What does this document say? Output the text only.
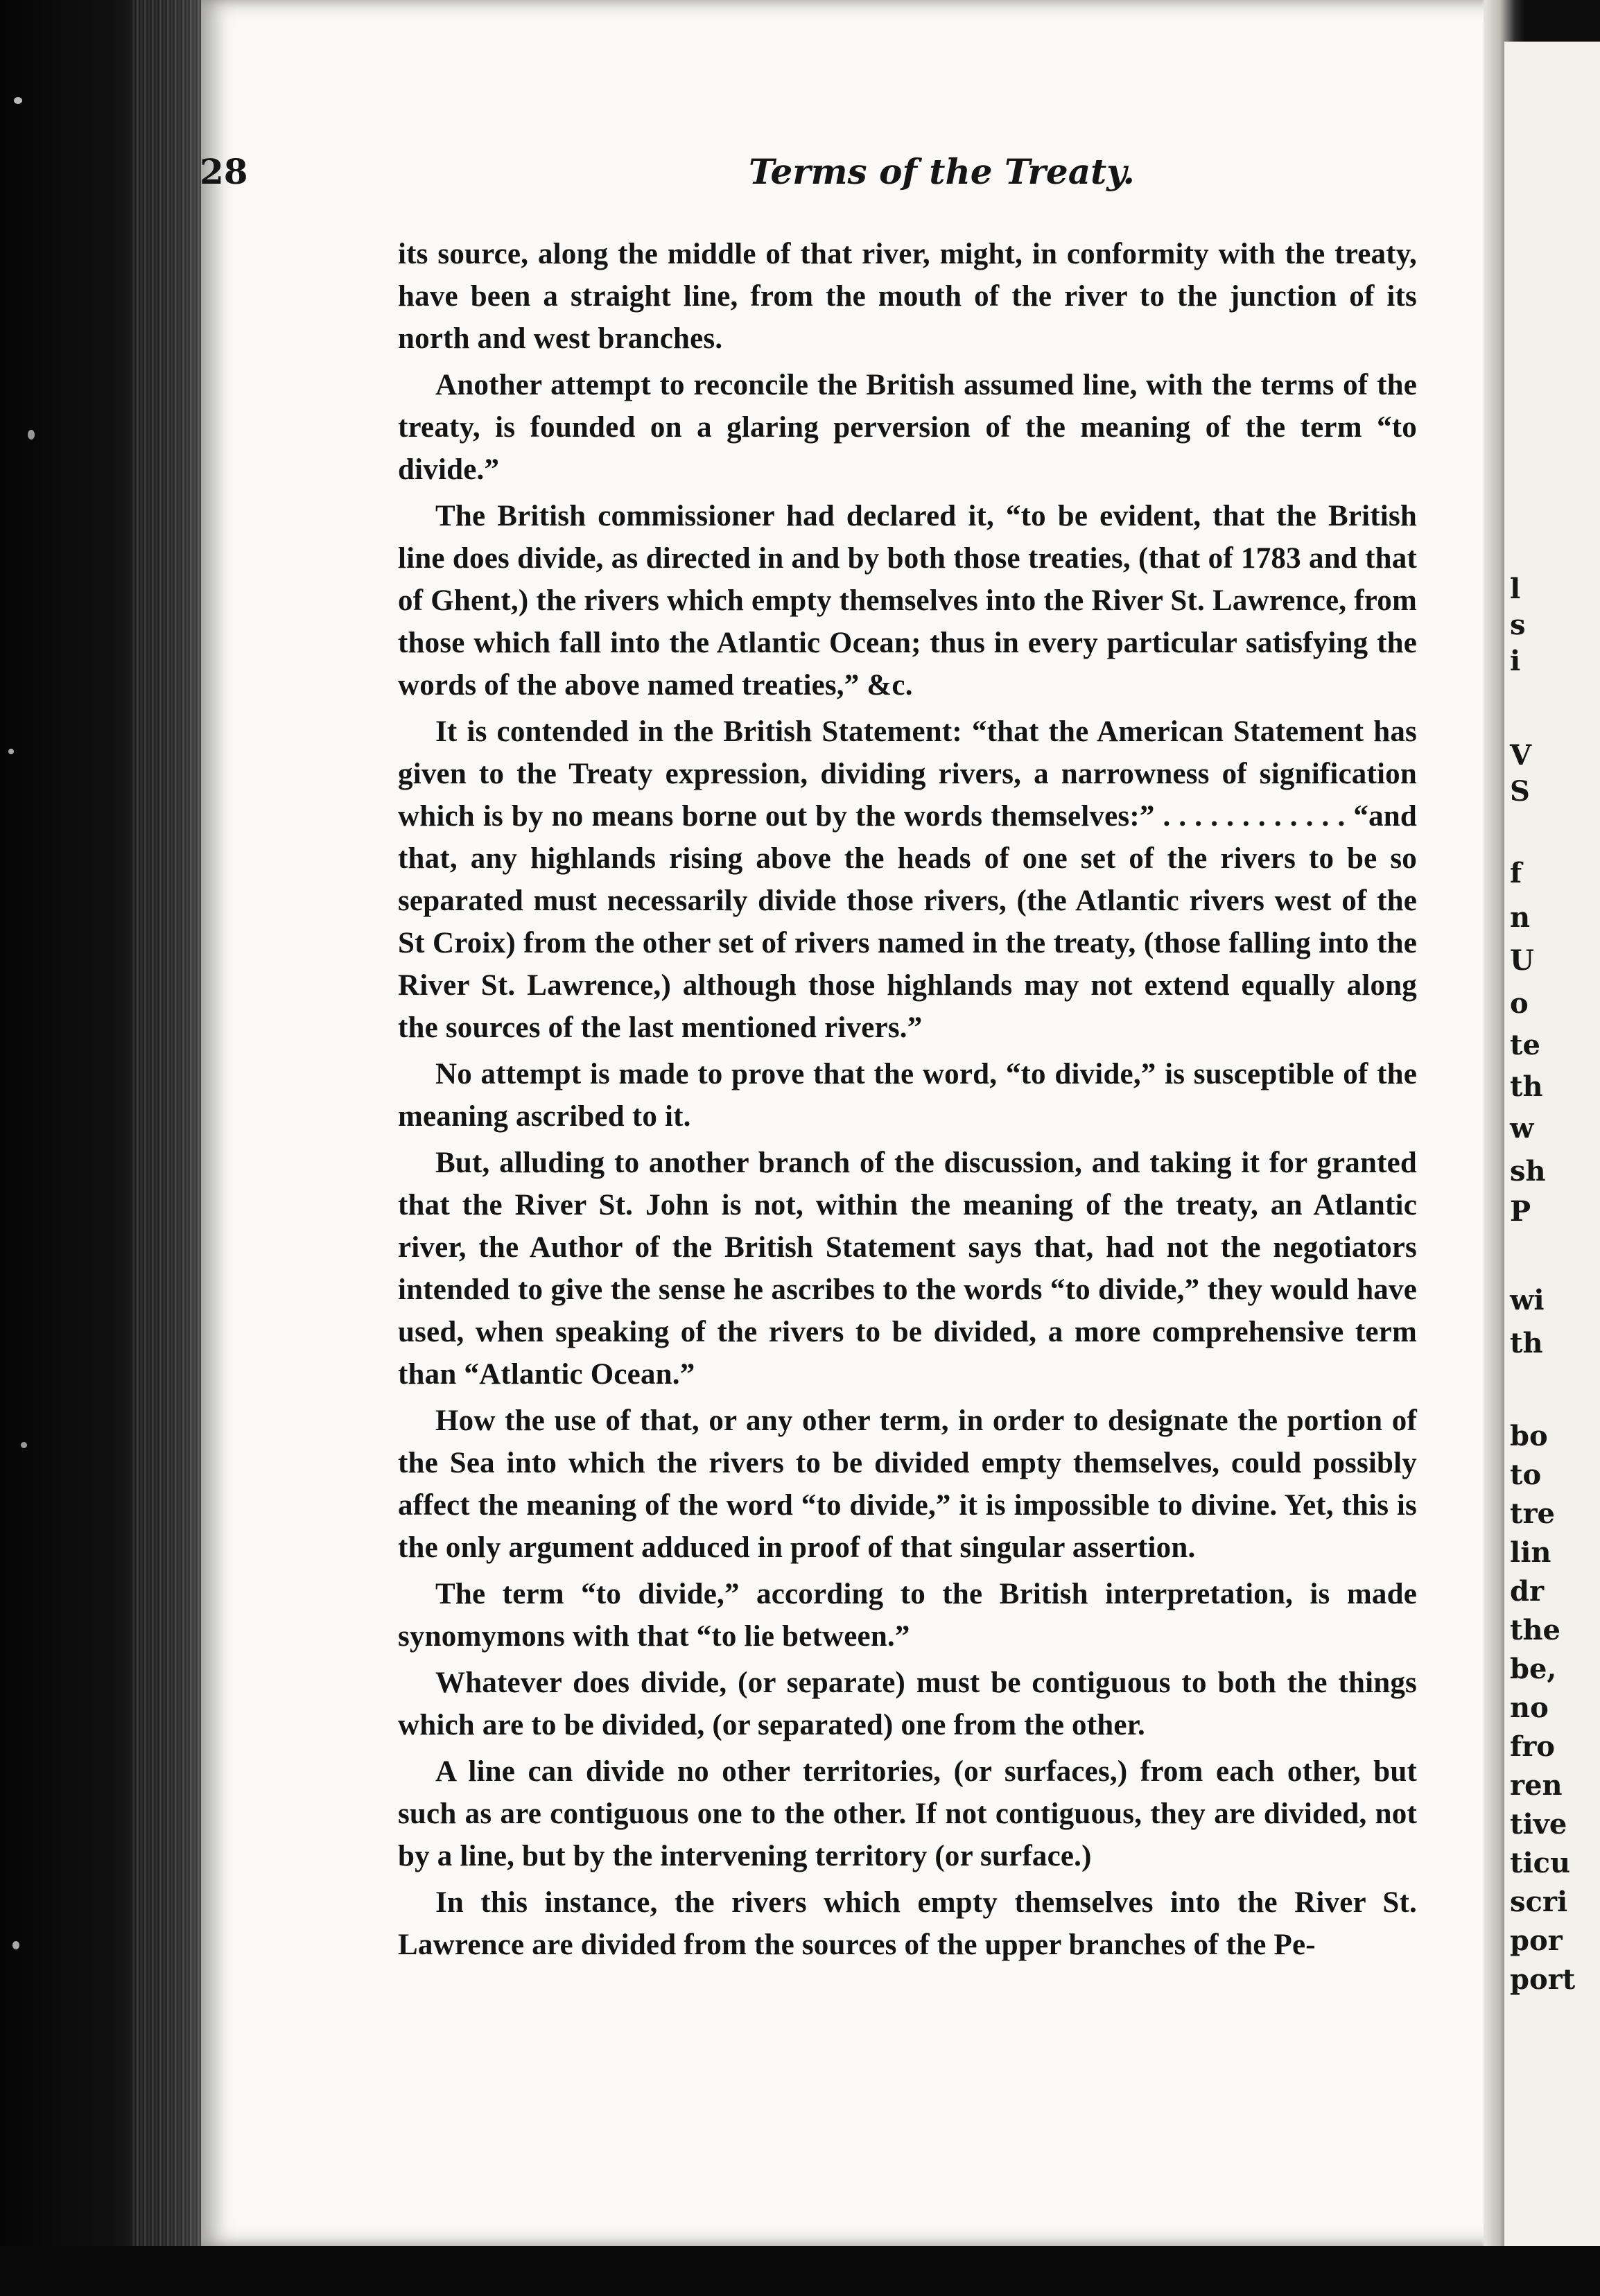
l

s

i

V

S

f

n

U

o

te

th

w

sh

P

wi

th

bo

to

tre

lin

dr

the

be,

no

fro

ren

tive

ticu

scri

por

port

28	Terms of the Treaty.

its source, along the middle of that river, might, in conformity with the treaty, have been a straight line, from the mouth of the river to the junction of its north and west branches.

Another attempt to reconcile the British assumed line, with the terms of the treaty, is founded on a glaring perversion of the meaning of the term “to divide.”

The British commissioner had declared it, “to be evident, that the British line does divide, as directed in and by both those treaties, (that of 1783 and that of Ghent,) the rivers which empty themselves into the River St. Lawrence, from those which fall into the Atlantic Ocean; thus in every particular satisfying the words of the above named treaties,” &c.

It is contended in the British Statement: “that the American Statement has given to the Treaty expression, dividing rivers, a narrowness of signification which is by no means borne out by the words themselves:” . . . . . . . . . . . . “and that, any highlands rising above the heads of one set of the rivers to be so separated must necessarily divide those rivers, (the Atlantic rivers west of the St Croix) from the other set of rivers named in the treaty, (those falling into the River St. Lawrence,) although those highlands may not extend equally along the sources of the last mentioned rivers.”

No attempt is made to prove that the word, “to divide,” is susceptible of the meaning ascribed to it.

But, alluding to another branch of the discussion, and taking it for granted that the River St. John is not, within the meaning of the treaty, an Atlantic river, the Author of the British Statement says that, had not the negotiators intended to give the sense he ascribes to the words “to divide,” they would have used, when speaking of the rivers to be divided, a more comprehensive term than “Atlantic Ocean.”

How the use of that, or any other term, in order to designate the portion of the Sea into which the rivers to be divided empty themselves, could possibly affect the meaning of the word “to divide,” it is impossible to divine. Yet, this is the only argument adduced in proof of that singular assertion.

The term “to divide,” according to the British interpretation, is made synomymons with that “to lie between.”

Whatever does divide, (or separate) must be contiguous to both the things which are to be divided, (or separated) one from the other.

A line can divide no other territories, (or surfaces,) from each other, but such as are contiguous one to the other. If not contiguous, they are divided, not by a line, but by the intervening territory (or surface.)

In this instance, the rivers which empty themselves into the River St. Lawrence are divided from the sources of the upper branches of the Pe-
